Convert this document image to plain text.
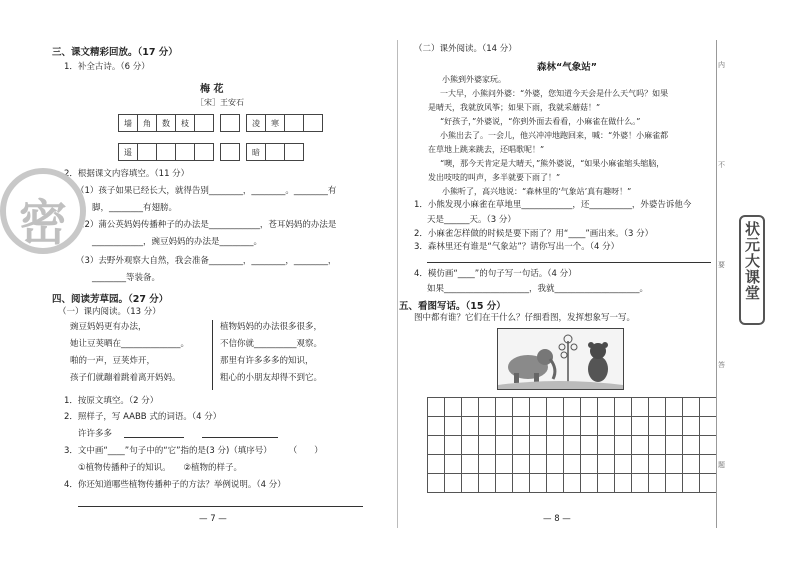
三、课文精彩回放。（17 分）
1．补全古诗。（6 分）
梅 花
［宋］王安石
墙	角	数	枝	凌	寒
遥	暗
2．根据课文内容填空。（11 分）
（1）孩子如果已经长大，就得告别________，________。________有
脚，________有翅膀。
（2）蒲公英妈妈传播种子的办法是____________，苍耳妈妈的办法是
____________，豌豆妈妈的办法是________。
（3）去野外观察大自然，我会准备________，________，________，
________等装备。
四、阅读芳草园。（27 分）
（一）课内阅读。（13 分）
豌豆妈妈更有办法，
她让豆荚晒在______________。
啪的一声，豆荚炸开，
孩子们就蹦着跳着离开妈妈。
植物妈妈的办法很多很多，
不信你就__________观察。
那里有许多多多的知识，
粗心的小朋友却得不到它。
1．按原文填空。（2 分）
2．照样子，写 AABB 式的词语。（4 分）
许许多多
3．文中画“____”句子中的“它”指的是(3 分)（填序号）　　　（　　）
①植物传播种子的知识。　　②植物的样子。
4．你还知道哪些植物传播种子的方法？举例说明。（4 分）
— 7 —
密
（二）课外阅读。（14 分）
森林“气象站”
小熊到外婆家玩。
一大早，小熊问外婆：“外婆，您知道今天会是什么天气吗？如果
是晴天，我就放风筝；如果下雨，我就采蘑菇！”
“好孩子，”外婆说，“你到外面去看看，小麻雀在做什么。”
小熊出去了。一会儿，他兴冲冲地跑回来，喊：“外婆！小麻雀都
在草地上跳来跳去，还唱歌呢！”
“噢，那今天肯定是大晴天，”熊外婆说，“如果小麻雀缩头缩脑，
发出吱吱的叫声，多半就要下雨了！”
小熊听了，高兴地说：“森林里的‘气象站’真有趣呀！”
1．小熊发现小麻雀在草地里____________，还__________，外婆告诉他今
天是______天。（3 分）
2．小麻雀怎样做的时候是要下雨了？用“____”画出来。（3 分）
3．森林里还有谁是“气象站”？请你写出一个。（4 分）
4．模仿画“____”的句子写一句话。（4 分）
如果____________________，我就____________________。
五、看图写话。（15 分）
图中都有谁？它们在干什么？仔细看图，发挥想象写一写。

— 8 —
内
不
要
答
题
状元大课堂
